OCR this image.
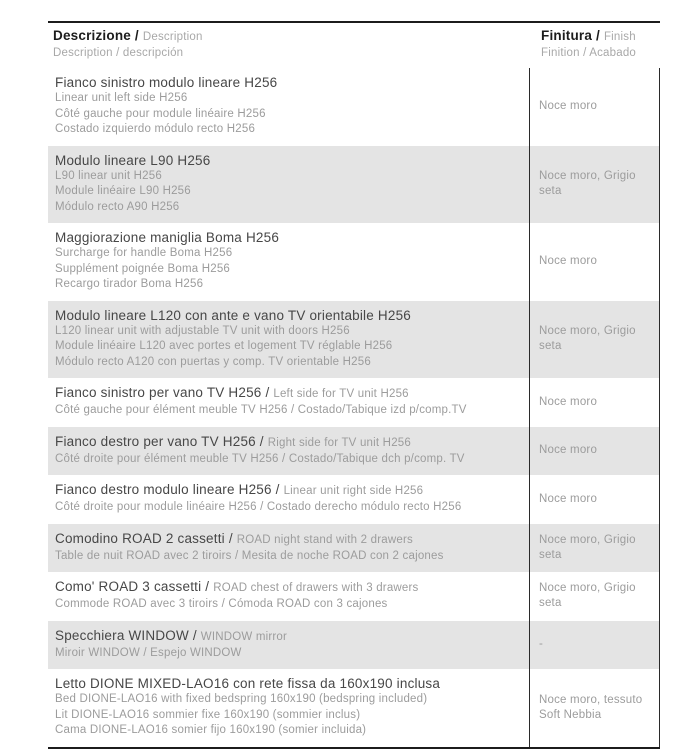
Descrizione / Description
Description / descripción
Finitura / Finish
Finition / Acabado
Fianco sinistro modulo lineare H256
Linear unit left side H256
Côté gauche pour module linéaire H256
Costado izquierdo módulo recto H256
Noce moro
Modulo lineare L90 H256
L90 linear unit H256
Module linéaire L90 H256
Módulo recto A90 H256
Noce moro, Grigio seta
Maggiorazione maniglia Boma H256
Surcharge for handle Boma H256
Supplément poignée Boma H256
Recargo tirador Boma H256
Noce moro
Modulo lineare L120 con ante e vano TV orientabile H256
L120 linear unit with adjustable TV unit with doors H256
Module linéaire L120 avec portes et logement TV réglable H256
Módulo recto A120 con puertas y comp. TV orientable H256
Noce moro, Grigio seta
Fianco sinistro per vano TV H256 / Left side for TV unit H256
Côté gauche pour élément meuble TV H256 / Costado/Tabique izd p/comp.TV
Noce moro
Fianco destro per vano TV H256 / Right side for TV unit H256
Côté droite pour élément meuble TV H256 / Costado/Tabique dch p/comp. TV
Noce moro
Fianco destro modulo lineare H256 / Linear unit right side H256
Côté droite pour module linéaire H256 / Costado derecho módulo recto H256
Noce moro
Comodino ROAD 2 cassetti / ROAD night stand with 2 drawers
Table de nuit ROAD avec 2 tiroirs / Mesita de noche ROAD con 2 cajones
Noce moro, Grigio seta
Como' ROAD 3 cassetti / ROAD chest of drawers with 3 drawers
Commode ROAD avec 3 tiroirs / Cómoda ROAD con 3 cajones
Noce moro, Grigio seta
Specchiera WINDOW / WINDOW mirror
Miroir WINDOW / Espejo WINDOW
-
Letto DIONE MIXED-LAO16 con rete fissa da 160x190 inclusa
Bed DIONE-LAO16 with fixed bedspring 160x190 (bedspring included)
Lit DIONE-LAO16 sommier fixe 160x190 (sommier inclus)
Cama DIONE-LAO16 somier fijo 160x190 (somier incluida)
Noce moro, tessuto Soft Nebbia
